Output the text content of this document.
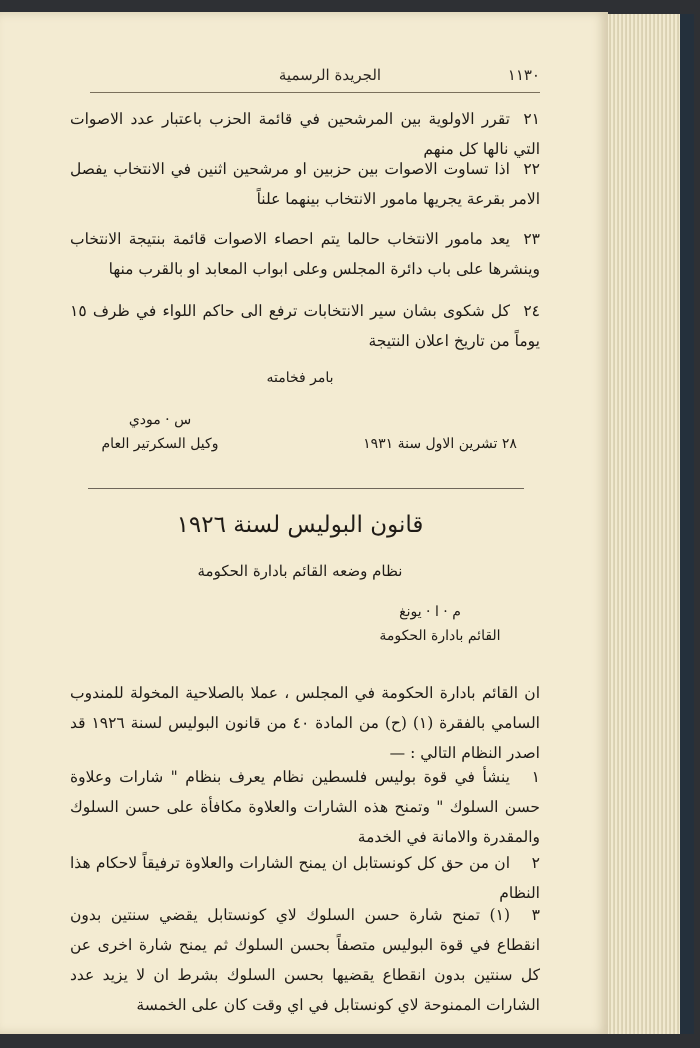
الجريدة الرسمية	١١٣٠
٢١تقرر الاولوية بين المرشحين في قائمة الحزب باعتبار عدد الاصوات التي نالها كل منهم
٢٢اذا تساوت الاصوات بين حزبين او مرشحين اثنين في الانتخاب يفصل الامر بقرعة يجريها مامور الانتخاب بينهما علناً
٢٣يعد مامور الانتخاب حالما يتم احصاء الاصوات قائمة بنتيجة الانتخاب وينشرها على باب دائرة المجلس وعلى ابواب المعابد او بالقرب منها
٢٤كل شكوى بشان سير الانتخابات ترفع الى حاكم اللواء في ظرف ١٥ يوماً من تاريخ اعلان النتيجة
بامر فخامته
٢٨ تشرين الاول سنة ١٩٣١
س · مودي
وكيل السكرتير العام
قانون البوليس لسنة ١٩٢٦
نظام وضعه القائم بادارة الحكومة
م · ا · يونغ
القائم بادارة الحكومة
ان القائم بادارة الحكومة في المجلس ، عملا بالصلاحية المخولة للمندوب السامي بالفقرة (١) (ح) من المادة ٤٠ من قانون البوليس لسنة ١٩٢٦ قد اصدر النظام التالي : —
١ينشأ في قوة بوليس فلسطين نظام يعرف بنظام " شارات وعلاوة حسن السلوك " وتمنح هذه الشارات والعلاوة مكافأة على حسن السلوك والمقدرة والامانة في الخدمة
٢ان من حق كل كونستابل ان يمنح الشارات والعلاوة ترفيقاً لاحكام هذا النظام
٣(١) تمنح شارة حسن السلوك لاي كونستابل يقضي سنتين بدون انقطاع في قوة البوليس متصفاً بحسن السلوك ثم يمنح شارة اخرى عن كل سنتين بدون انقطاع يقضيها بحسن السلوك بشرط ان لا يزيد عدد الشارات الممنوحة لاي كونستابل في اي وقت كان على الخمسة
